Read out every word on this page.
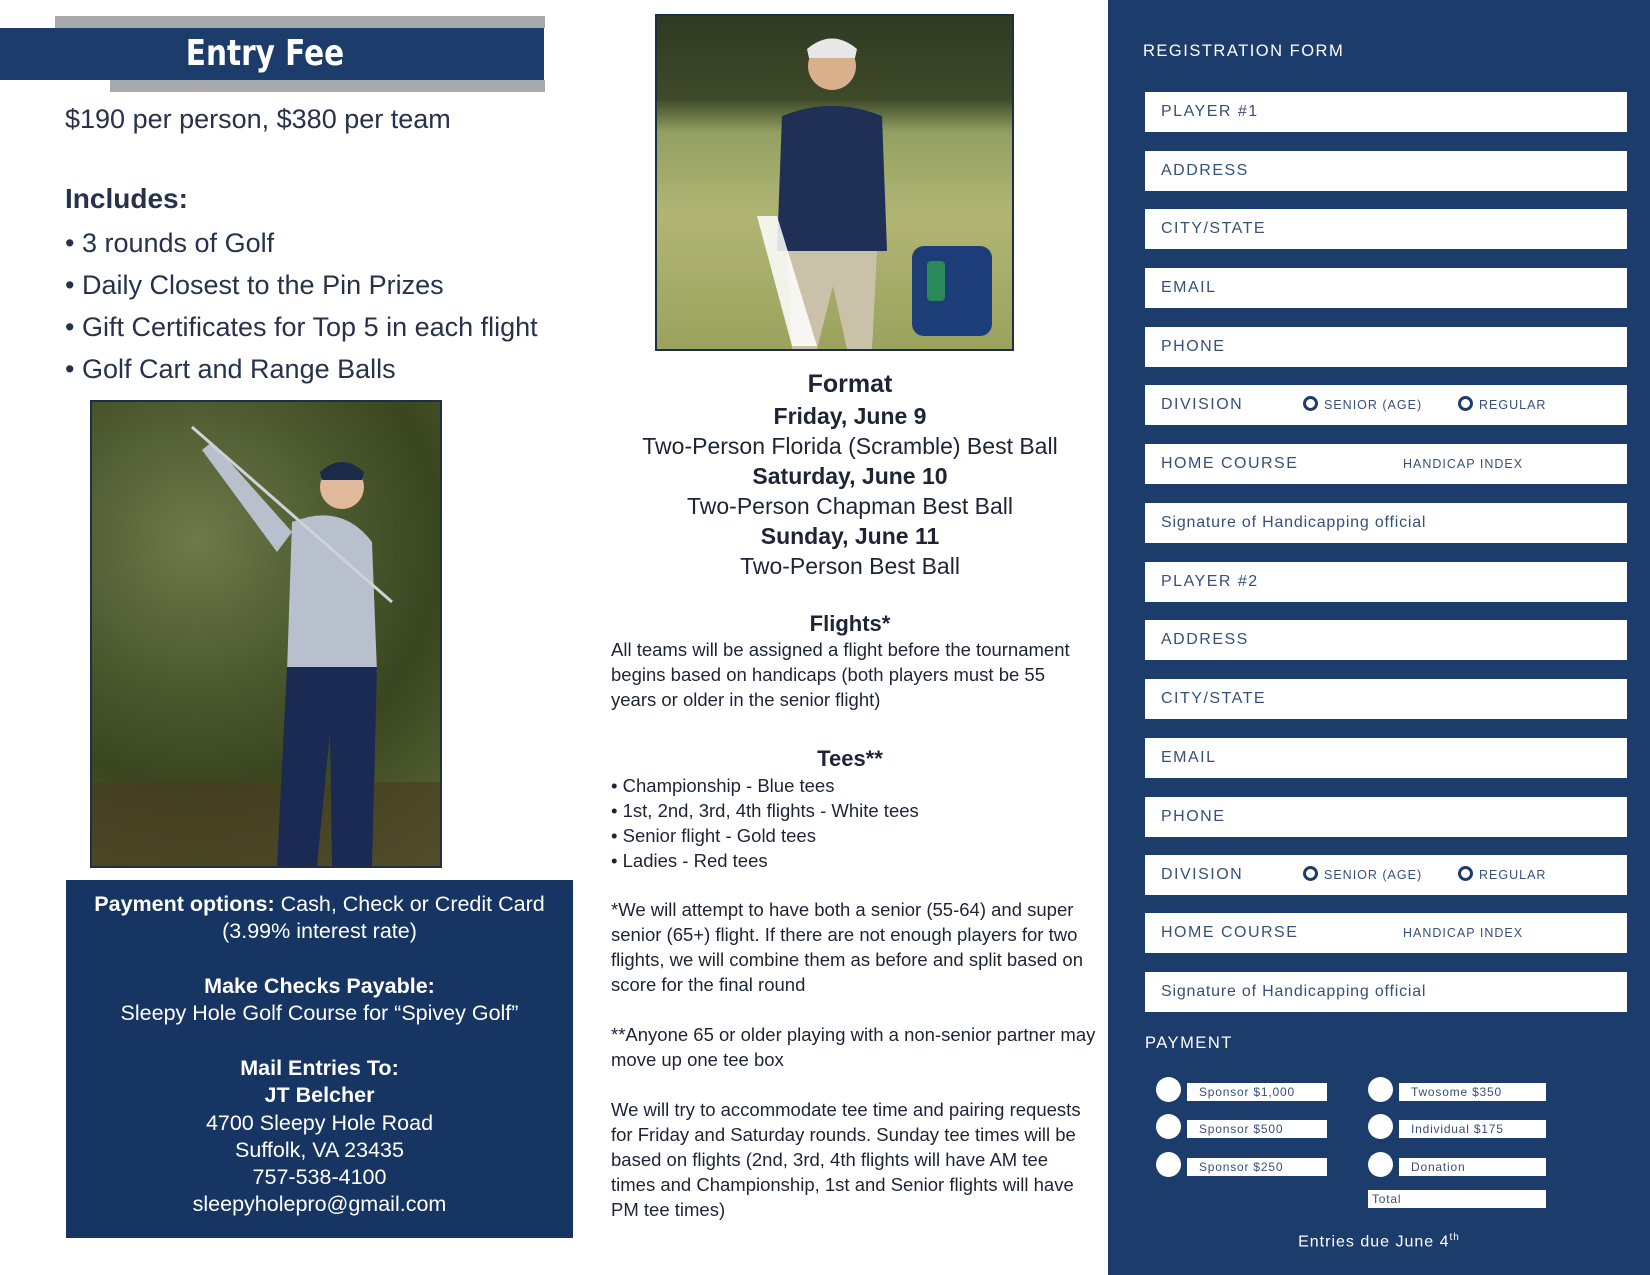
Entry Fee
$190 per person, $380 per team
Includes:
• 3 rounds of Golf
• Daily Closest to the Pin Prizes
• Gift Certificates for Top 5 in each flight
• Golf Cart and Range Balls
Payment options: Cash, Check or Credit Card
(3.99% interest rate)
Make Checks Payable:
Sleepy Hole Golf Course for “Spivey Golf”
Mail Entries To:
JT Belcher
4700 Sleepy Hole Road
Suffolk, VA 23435
757-538-4100
sleepyholepro@gmail.com
Format
Friday, June 9
Two-Person Florida (Scramble) Best Ball
Saturday, June 10
Two-Person Chapman Best Ball
Sunday, June 11
Two-Person Best Ball
Flights*
All teams will be assigned a flight before the tournament begins based on handicaps (both players must be 55 years or older in the senior flight)
Tees**
• Championship - Blue tees
• 1st, 2nd, 3rd, 4th flights - White tees
• Senior flight - Gold tees
• Ladies - Red tees
*We will attempt to have both a senior (55-64) and super senior (65+) flight. If there are not enough players for two flights, we will combine them as before and split based on score for the final round
**Anyone 65 or older playing with a non-senior partner may move up one tee box
We will try to accommodate tee time and pairing requests for Friday and Saturday rounds. Sunday tee times will be based on flights (2nd, 3rd, 4th flights will have AM tee times and Championship, 1st and Senior flights will have PM tee times)
REGISTRATION FORM
PLAYER #1
ADDRESS
CITY/STATE
EMAIL
PHONE
DIVISION	SENIOR (AGE)	REGULAR
HOME COURSE	HANDICAP INDEX
Signature of Handicapping official
PLAYER #2
ADDRESS
CITY/STATE
EMAIL
PHONE
DIVISION	SENIOR (AGE)	REGULAR
HOME COURSE	HANDICAP INDEX
Signature of Handicapping official
PAYMENT
Sponsor $1,000
Sponsor $500
Sponsor $250
Twosome $350
Individual $175
Donation
Total
Entries due June 4th
